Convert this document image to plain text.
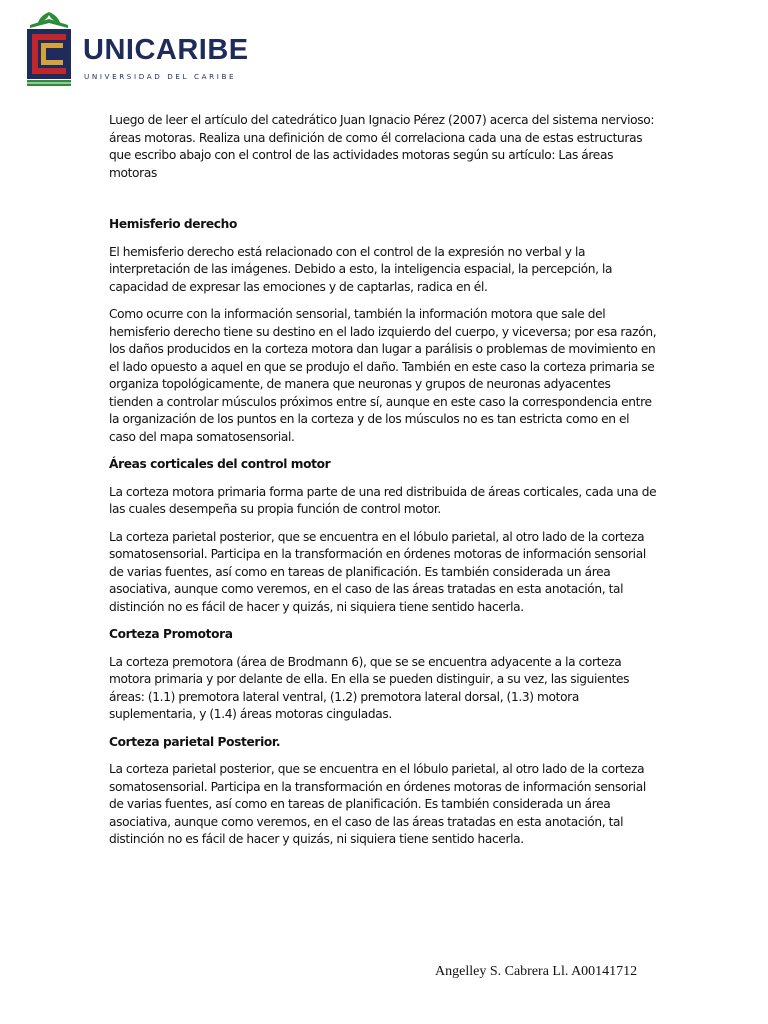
UNICARIBE
UNIVERSIDAD DEL CARIBE

Luego de leer el artículo del catedrático Juan Ignacio Pérez (2007) acerca del sistema nervioso: áreas motoras. Realiza una definición de como él correlaciona cada una de estas estructuras que escribo abajo con el control de las actividades motoras según su artículo: Las áreas motoras

Hemisferio derecho

El hemisferio derecho está relacionado con el control de la expresión no verbal y la interpretación de las imágenes. Debido a esto, la inteligencia espacial, la percepción, la capacidad de expresar las emociones y de captarlas, radica en él.

Como ocurre con la información sensorial, también la información motora que sale del hemisferio derecho tiene su destino en el lado izquierdo del cuerpo, y viceversa; por esa razón, los daños producidos en la corteza motora dan lugar a parálisis o problemas de movimiento en el lado opuesto a aquel en que se produjo el daño. También en este caso la corteza primaria se organiza topológicamente, de manera que neuronas y grupos de neuronas adyacentes tienden a controlar músculos próximos entre sí, aunque en este caso la correspondencia entre la organización de los puntos en la corteza y de los músculos no es tan estricta como en el caso del mapa somatosensorial.

Áreas corticales del control motor

La corteza motora primaria forma parte de una red distribuida de áreas corticales, cada una de las cuales desempeña su propia función de control motor.

La corteza parietal posterior, que se encuentra en el lóbulo parietal, al otro lado de la corteza somatosensorial. Participa en la transformación en órdenes motoras de información sensorial de varias fuentes, así como en tareas de planificación. Es también considerada un área asociativa, aunque como veremos, en el caso de las áreas tratadas en esta anotación, tal distinción no es fácil de hacer y quizás, ni siquiera tiene sentido hacerla.

Corteza Promotora

La corteza premotora (área de Brodmann 6), que se se encuentra adyacente a la corteza motora primaria y por delante de ella. En ella se pueden distinguir, a su vez, las siguientes áreas: (1.1) premotora lateral ventral, (1.2) premotora lateral dorsal, (1.3) motora suplementaria, y (1.4) áreas motoras cinguladas.

Corteza parietal Posterior.

La corteza parietal posterior, que se encuentra en el lóbulo parietal, al otro lado de la corteza somatosensorial. Participa en la transformación en órdenes motoras de información sensorial de varias fuentes, así como en tareas de planificación. Es también considerada un área asociativa, aunque como veremos, en el caso de las áreas tratadas en esta anotación, tal distinción no es fácil de hacer y quizás, ni siquiera tiene sentido hacerla.

Angelley S. Cabrera Ll. A00141712
